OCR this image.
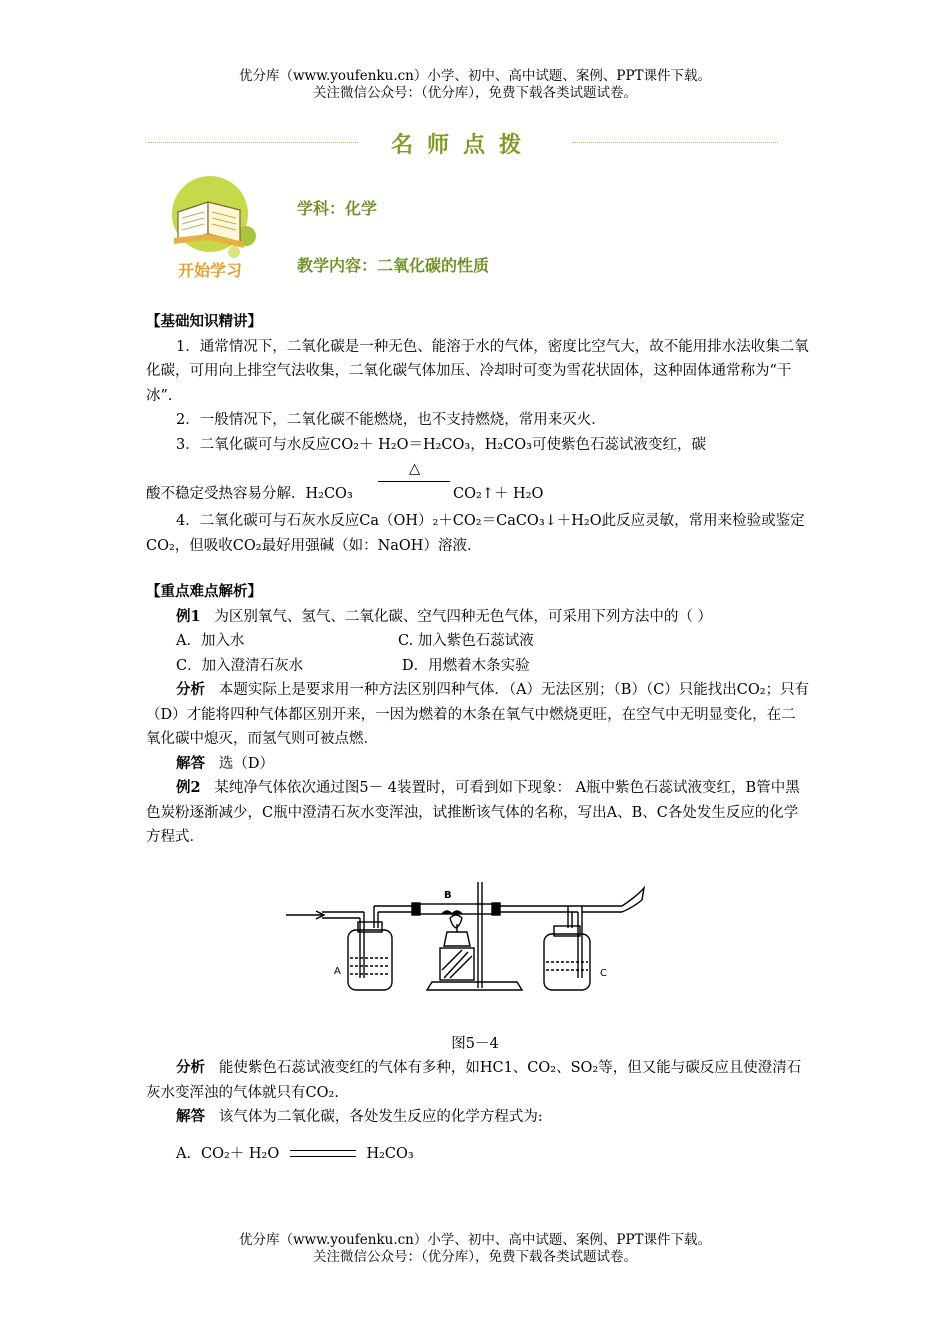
优分库（www.youfenku.cn）小学、初中、高中试题、案例、PPT课件下载。
关注微信公众号：（优分库），免费下载各类试题试卷。
名师点拨
开始学习
学科：化学
教学内容：二氧化碳的性质

【基础知识精讲】

1．通常情况下，二氧化碳是一种无色、能溶于水的气体，密度比空气大，故不能用排水法收集二氧化碳，可用向上排空气法收集，二氧化碳气体加压、冷却时可变为雪花状固体，这种固体通常称为“干冰”．

2．一般情况下，二氧化碳不能燃烧，也不支持燃烧，常用来灭火．

3．二氧化碳可与水反应CO₂＋ H₂O＝H₂CO₃，H₂CO₃可使紫色石蕊试液变红，碳

酸不稳定受热容易分解．H₂CO₃
△
CO₂↑＋ H₂O

4．二氧化碳可与石灰水反应Ca（OH）₂＋CO₂＝CaCO₃↓＋H₂O此反应灵敏，常用来检验或鉴定CO₂，但吸收CO₂最好用强碱（如：NaOH）溶液．

【重点难点解析】

例1 为区别氧气、氢气、二氧化碳、空气四种无色气体，可采用下列方法中的（ ）

A．加入水	C. 加入紫色石蕊试液
C．加入澄清石灰水	D．用燃着木条实验

分析 本题实际上是要求用一种方法区别四种气体．（A）无法区别；（B）（C）只能找出CO₂；只有（D）才能将四种气体都区别开来，一因为燃着的木条在氧气中燃烧更旺，在空气中无明显变化，在二氧化碳中熄灭，而氢气则可被点燃．

解答 选（D）

例2 某纯净气体依次通过图5－ 4装置时，可看到如下现象： A瓶中紫色石蕊试液变红，B管中黑色炭粉逐渐减少，C瓶中澄清石灰水变浑浊，试推断该气体的名称，写出A、B、C各处发生反应的化学方程式．

A
B
C
图5－4

分析 能使紫色石蕊试液变红的气体有多种，如HC1、CO₂、SO₂等，但又能与碳反应且使澄清石灰水变浑浊的气体就只有CO₂.

解答 该气体为二氧化碳，各处发生反应的化学方程式为:

A．CO₂＋ H₂O	H₂CO₃

优分库（www.youfenku.cn）小学、初中、高中试题、案例、PPT课件下载。
关注微信公众号：（优分库），免费下载各类试题试卷。
